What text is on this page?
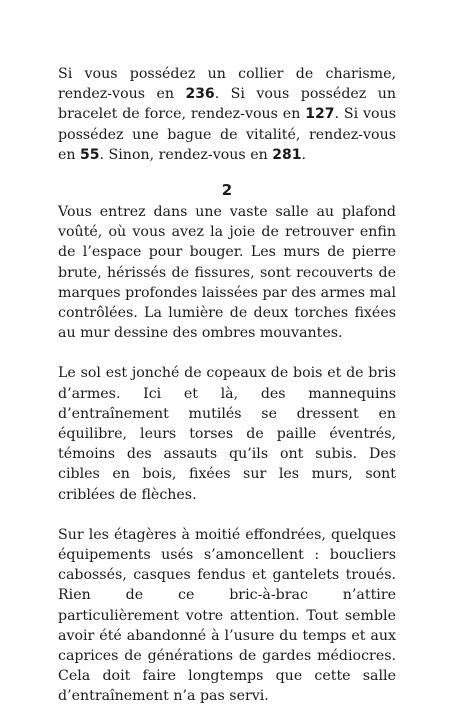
Si vous possédez un collier de charisme, rendez-vous en 236. Si vous possédez un bracelet de force, rendez-vous en 127. Si vous possédez une bague de vitalité, rendez-vous en 55. Sinon, rendez-vous en 281.

2

Vous entrez dans une vaste salle au plafond voûté, où vous avez la joie de retrouver enfin de l’espace pour bouger. Les murs de pierre brute, hérissés de fissures, sont recouverts de marques profondes laissées par des armes mal contrôlées. La lumière de deux torches fixées au mur dessine des ombres mouvantes.

Le sol est jonché de copeaux de bois et de bris d’armes. Ici et là, des mannequins d’entraînement mutilés se dressent en équilibre, leurs torses de paille éventrés, témoins des assauts qu’ils ont subis. Des cibles en bois, fixées sur les murs, sont criblées de flèches.

Sur les étagères à moitié effondrées, quelques équipements usés s’amoncellent : boucliers cabossés, casques fendus et gantelets troués. Rien de ce bric-à-brac n’attire particulièrement votre attention. Tout semble avoir été abandonné à l’usure du temps et aux caprices de générations de gardes médiocres. Cela doit faire longtemps que cette salle d’entraînement n’a pas servi.
